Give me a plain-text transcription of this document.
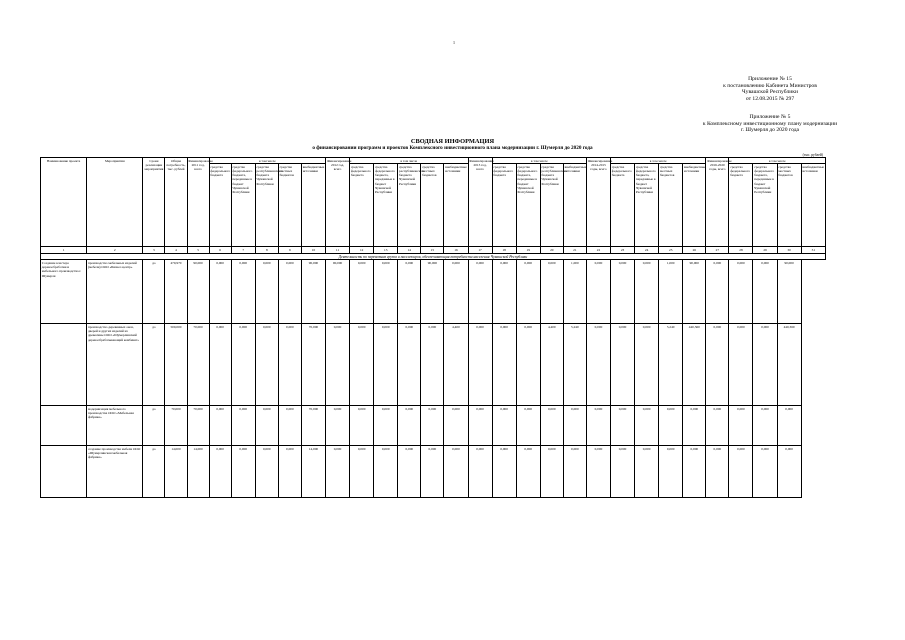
1
Приложение № 15
к постановлению Кабинета Министров
Чувашской Республики
от 12.08.2015 № 297
Приложение № 5
к Комплексному инвестиционному плану модернизации
г. Шумерля до 2020 года
СВОДНАЯ ИНФОРМАЦИЯ
о финансировании программ и проектов Комплексного инвестиционного плана модернизации г. Шумерля до 2020 года
(тыс. рублей)
Наименование проекта	Мероприятия	Сроки реализации мероприятия	Общая потребность, тыс. рублей	Финансирование 2011 год, всего	в том числе					Финансирование 2012 год, всего	в том числе					Финансирование 2013 год, всего	в том числе				Финансирование 2014-2015 годы, всего	в том числе				Финансирование 2016-2020 годы, всего	в том числе			
					средства федерального бюджета	средства федерального бюджета, переданные в бюджет Чувашской Республики	средства республиканского бюджета Чувашской Республики	средства местных бюджетов	внебюджетные источники		средства федерального бюджета	средства федерального бюджета, переданные в бюджет Чувашской Республики	средства республиканского бюджета Чувашской Республики	средства местных бюджетов	внебюджетные источники		средства федерального бюджета	средства федерального бюджета, переданные в бюджет Чувашской Республики	средства республиканского бюджета Чувашской Республики	внебюджетные источники		средства федерального бюджета	средства федерального бюджета, переданные в бюджет Чувашской Республики	средства местных бюджетов	внебюджетные источники		средства федерального бюджета	средства федерального бюджета, переданные в бюджет Чувашской Республики	средства местных бюджетов	внебюджетные источники
1	2	3	4	5	6	7	8	9	10	11	12	13	14	15	16	17	18	19	20	21	22	23	24	25	26	27	28	29	30	31
Деятельность по перевозкам грузов и пассажиров, обеспечивающая потребности населения Чувашской Республики																														
Создание кластера деревообработки и мебельного производства г. Шумерля	производство мебельных изделий (мебели) ООО «Бизнес-центр»	до	470,970	90,000	0,000	0,000	0,000	0,000	90,000	90,000	0,000	0,000	0,000	90,000	0,000	0,000	0,000	0,000	0,000	1,000	0,000	0,000	0,000	1,000	90,000	0,000	0,000	0,000	90,000	
	производство деревянных окон, дверей и других изделий из древесины ООО «Шумерлинский деревообрабатывающий комбинат»	до	500,000	70,000	0,000	0,000	0,000	0,000	70,000	0,000	0,000	0,000	0,000	0,000	4,400	0,000	0,000	0,000	4,400	5,240	0,000	0,000	0,000	5,240	440,360	0,000	0,000	0,000	440,360	
	модернизация мебельного производства ООО «Мебельная фабрика»	до	70,000	70,000	0,000	0,000	0,000	0,000	70,000	0,000	0,000	0,000	0,000	0,000	0,000	0,000	0,000	0,000	0,000	0,000	0,000	0,000	0,000	0,000	0,000	0,000	0,000	0,000	0,000	
	создание производства мебели ООО «Шумерлинская мебельная фабрика»	до	14,000	14,000	0,000	0,000	0,000	0,000	14,000	0,000	0,000	0,000	0,000	0,000	0,000	0,000	0,000	0,000	0,000	0,000	0,000	0,000	0,000	0,000	0,000	0,000	0,000	0,000	0,000	
